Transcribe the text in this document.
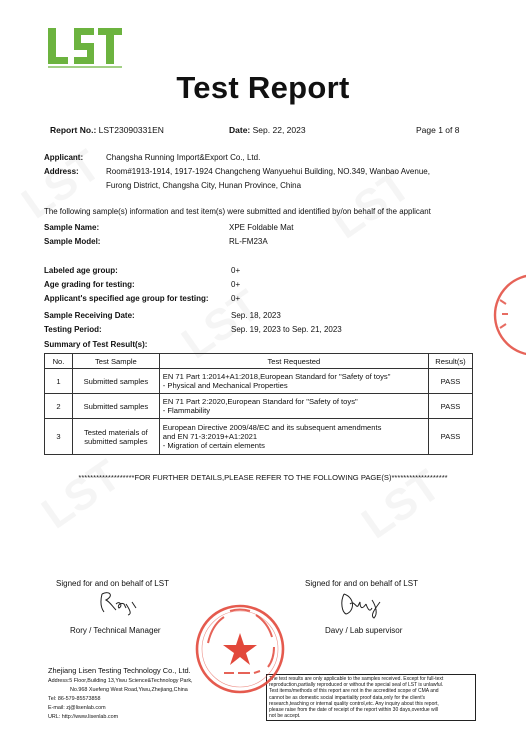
Test Report
Report No.: LST23090331EN	Date: Sep. 22, 2023	Page 1 of 8
Applicant:	Changsha Running Import&Export Co., Ltd.
Address:	Room#1913-1914, 1917-1924 Changcheng Wanyuehui Building, NO.349, Wanbao Avenue,
Furong District, Changsha City, Hunan Province, China
The following sample(s) information and test item(s) were submitted and identified by/on behalf of the applicant
Sample Name:	XPE Foldable Mat
Sample Model:	RL-FM23A
Labeled age group:	0+
Age grading for testing:	0+
Applicant's specified age group for testing:	0+
Sample Receiving Date:	Sep. 18, 2023
Testing Period:	Sep. 19, 2023 to Sep. 21, 2023
Summary of Test Result(s):
No.	Test Sample	Test Requested	Result(s)
1	Submitted samples	EN 71 Part 1:2014+A1:2018,European Standard for "Safety of toys"
- Physical and Mechanical Properties	PASS
2	Submitted samples	EN 71 Part 2:2020,European Standard for "Safety of toys"
- Flammability	PASS
3	Tested materials of submitted samples	European Directive 2009/48/EC and its subsequent amendments
and EN 71-3:2019+A1:2021
- Migration of certain elements	PASS
*******************FOR FURTHER DETAILS,PLEASE REFER TO THE FOLLOWING PAGE(S)*******************
Signed for and on behalf of LST
Rory / Technical Manager
Signed for and on behalf of LST
Davy / Lab supervisor
Zhejiang Lisen Testing Technology Co., Ltd.
Address:5 Floor,Building 13,Yiwu Science&Technology Park,
No.968 Xuefeng West Road,Yiwu,Zhejiang,China
Tel: 86-579-85573858
E-mail: zj@lisenlab.com
URL: http://www.lisenlab.com
The test results are only applicable to the samples received. Except for full-text
reproduction,partially reproduced or without the special seal of LST is unlawful.
Test items/methods of this report are not in the accredited scope of CMA and
cannot be as domestic social impartiality proof data,only for the client's
research,teaching or internal quality control,etc. Any inquiry about this report,
please raise from the date of receipt of the report within 30 days,overdue will
not be accept.
